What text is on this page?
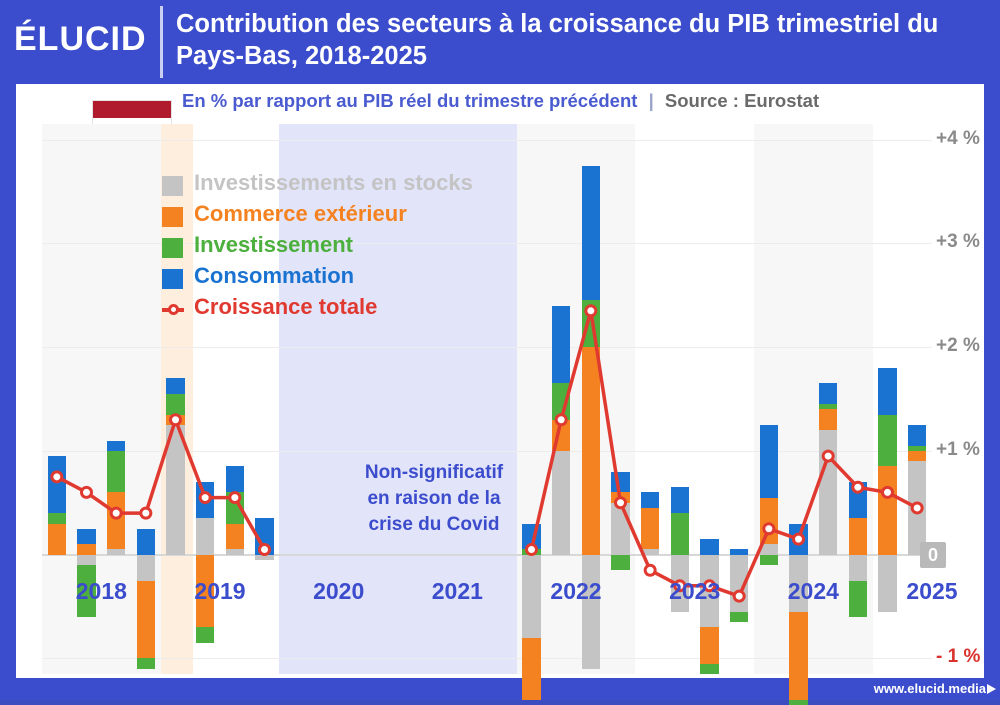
ÉLUCID Contribution des secteurs à la croissance du PIB trimestriel du Pays-Bas, 2018-2025
En % par rapport au PIB réel du trimestre précédent | Source : Eurostat
Non-significatif
en raison de la
crise du Covid
Investissements en stocks
Commerce extérieur
Investissement
Consommation
Croissance totale
- 1 %
0
+1 %
+2 %
+3 %
+4 %
2018	2019	2020	2021	2022	2023	2024	2025
www.elucid.media
